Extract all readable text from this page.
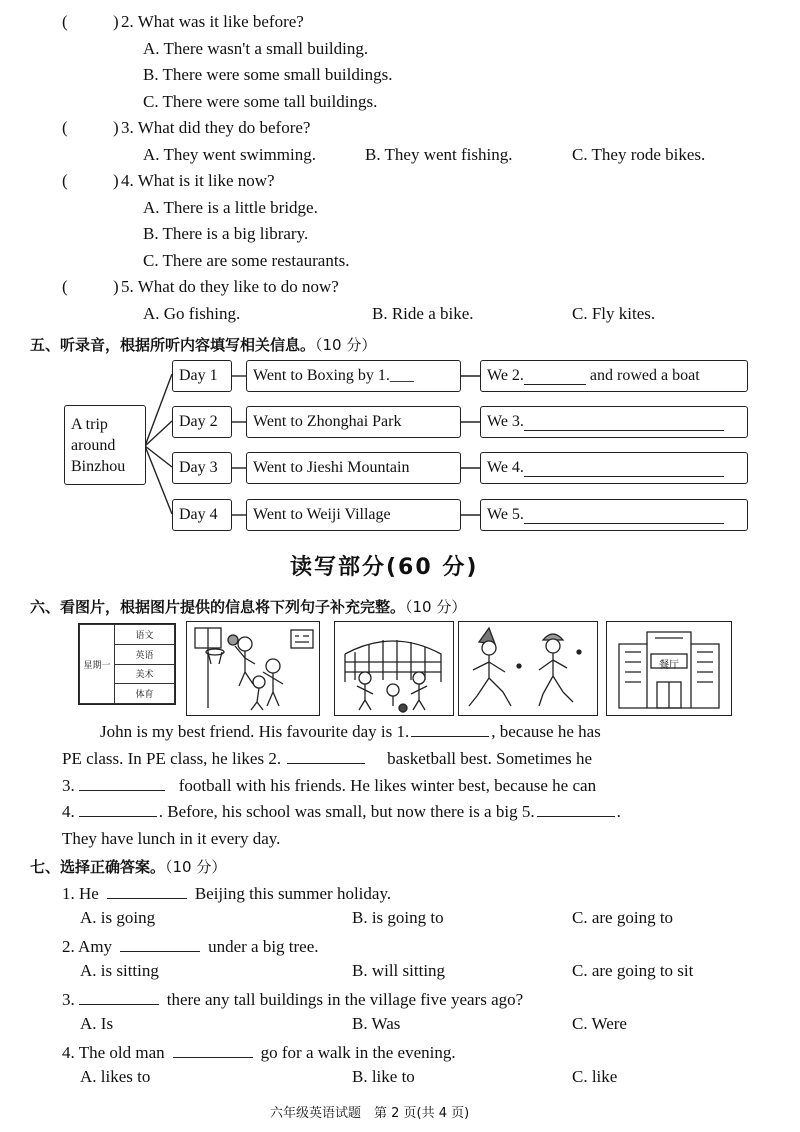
(	) 2. What was it like before?
A. There wasn't a small building.
B. There were some small buildings.
C. There were some tall buildings.
(	) 3. What did they do before?
A. They went swimming.	B. They went fishing.	C. They rode bikes.
(	) 4. What is it like now?
A. There is a little bridge.
B. There is a big library.
C. There are some restaurants.
(	) 5. What do they like to do now?
A. Go fishing.	B. Ride a bike.	C. Fly kites.
五、听录音，根据所听内容填写相关信息。（10 分）
A trip
around
Binzhou
Day 1	Went to Boxing by 1.___	We 2.	and rowed a boat
Day 2	Went to Zhonghai Park	We 3.
Day 3	Went to Jieshi Mountain	We 4.
Day 4	Went to Weiji Village	We 5.
读写部分(60 分)
六、看图片，根据图片提供的信息将下列句子补充完整。（10 分）
星期一	语文
英语
美术
体育
餐厅
John is my best friend. His favourite day is 1.	, because he has
PE class. In PE class, he likes 2.	basketball best. Sometimes he
3.	football with his friends. He likes winter best, because he can
4.	. Before, his school was small, but now there is a big 5.	.
They have lunch in it every day.
七、选择正确答案。（10 分）
1. He	Beijing this summer holiday.
A. is going	B. is going to	C. are going to
2. Amy	under a big tree.
A. is sitting	B. will sitting	C. are going to sit
3.	there any tall buildings in the village five years ago?
A. Is	B. Was	C. Were
4. The old man	go for a walk in the evening.
A. likes to	B. like to	C. like
六年级英语试题　第 2 页(共 4 页)
